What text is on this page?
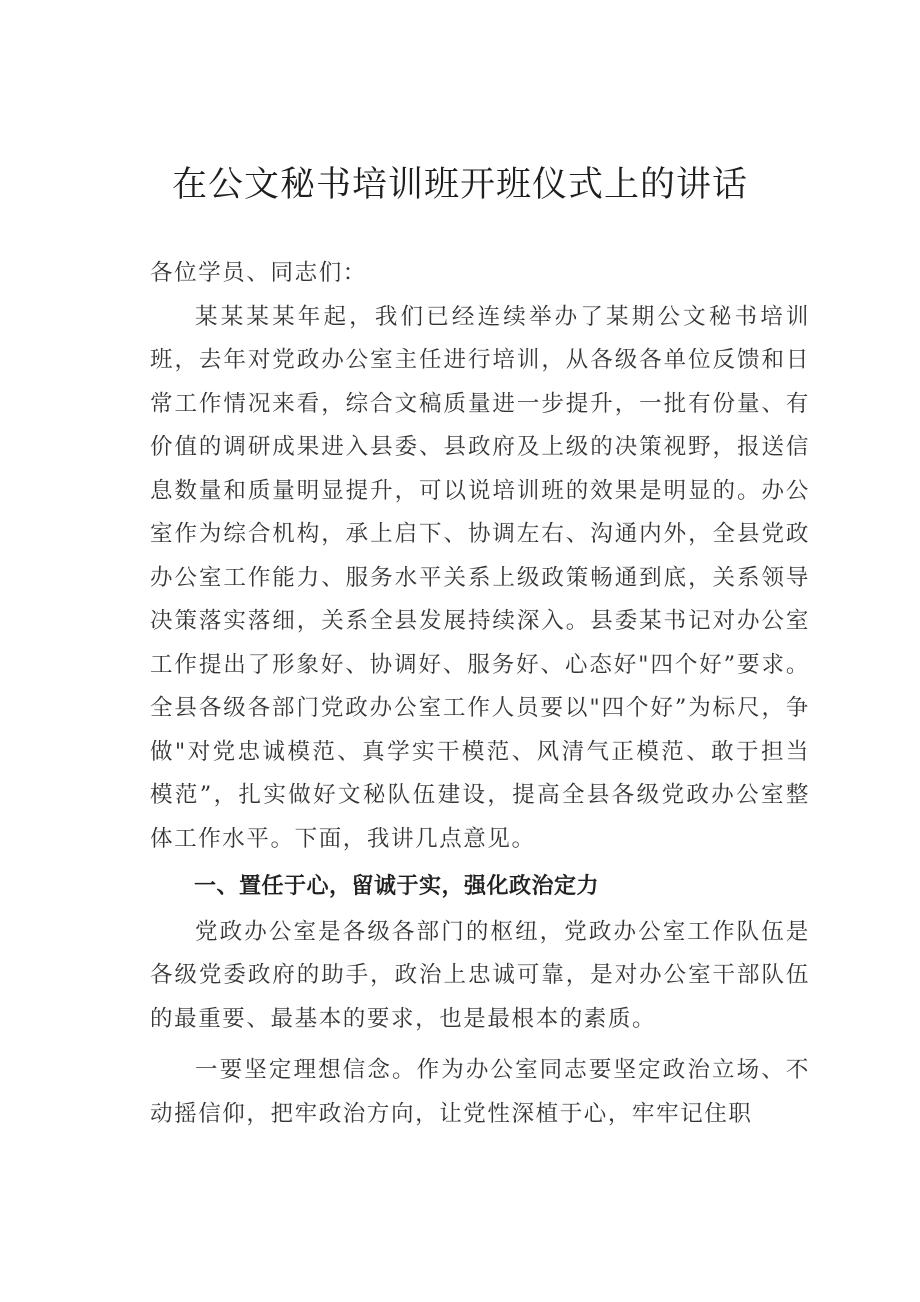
在公文秘书培训班开班仪式上的讲话

各位学员、同志们：

某某某某年起，我们已经连续举办了某期公文秘书培训班，去年对党政办公室主任进行培训，从各级各单位反馈和日常工作情况来看，综合文稿质量进一步提升，一批有份量、有价值的调研成果进入县委、县政府及上级的决策视野，报送信息数量和质量明显提升，可以说培训班的效果是明显的。办公室作为综合机构，承上启下、协调左右、沟通内外，全县党政办公室工作能力、服务水平关系上级政策畅通到底，关系领导决策落实落细，关系全县发展持续深入。县委某书记对办公室工作提出了形象好、协调好、服务好、心态好"四个好”要求。全县各级各部门党政办公室工作人员要以"四个好”为标尺，争做"对党忠诚模范、真学实干模范、风清气正模范、敢于担当模范”，扎实做好文秘队伍建设，提高全县各级党政办公室整体工作水平。下面，我讲几点意见。

一、置任于心，留诚于实，强化政治定力

党政办公室是各级各部门的枢纽，党政办公室工作队伍是各级党委政府的助手，政治上忠诚可靠，是对办公室干部队伍的最重要、最基本的要求，也是最根本的素质。

一要坚定理想信念。作为办公室同志要坚定政治立场、不动摇信仰，把牢政治方向，让党性深植于心，牢牢记住职
